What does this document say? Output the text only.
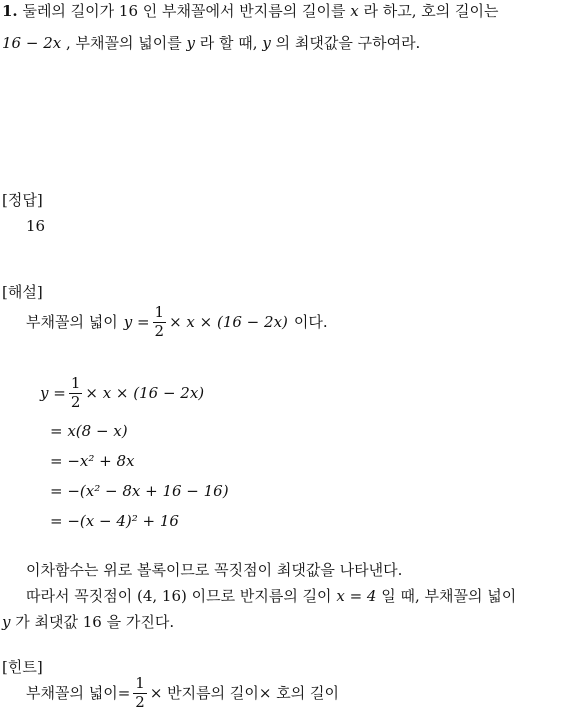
1. 둘레의 길이가 16 인 부채꼴에서 반지름의 길이를 x 라 하고, 호의 길이는
16 − 2x , 부채꼴의 넓이를 y 라 할 때, y 의 최댓값을 구하여라.
[정답]
16
[해설]
부채꼴의 넓이 $y = \frac{1}{2} \times x \times (16 - 2x)$ 이다.
$y = \frac{1}{2} \times x \times (16 - 2x)$
= x(8 − x)
= −x² + 8x
= −(x² − 8x + 16 − 16)
= −(x − 4)² + 16
이차함수는 위로 볼록이므로 꼭짓점이 최댓값을 나타낸다.
따라서 꼭짓점이 (4, 16) 이므로 반지름의 길이 x = 4 일 때, 부채꼴의 넓이
y 가 최댓값 16 을 가진다.
[힌트]
부채꼴의 넓이= $\frac{1}{2}$ × 반지름의 길이× 호의 길이
